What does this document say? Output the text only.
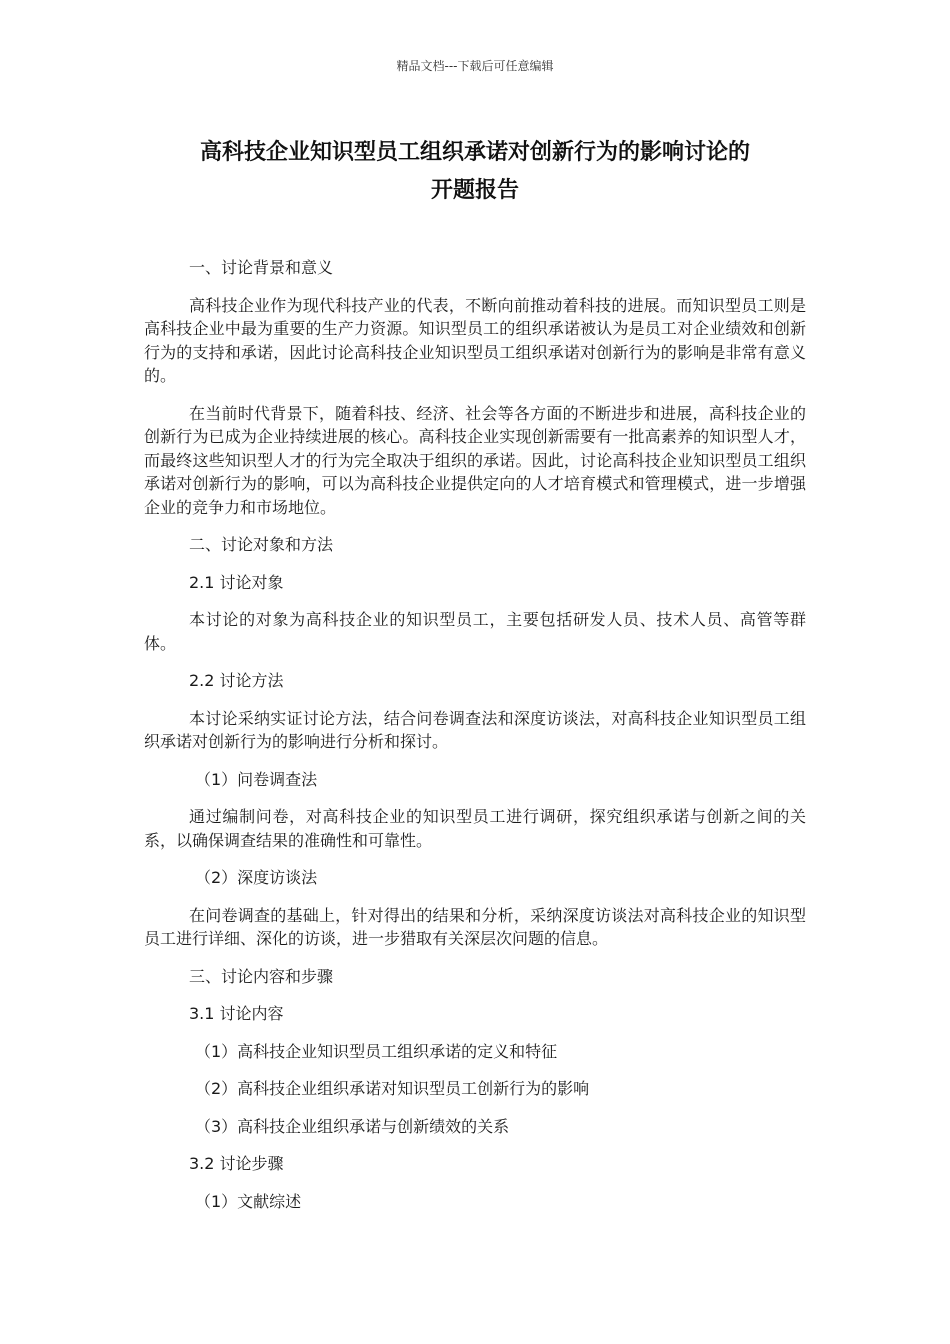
精品文档---下载后可任意编辑
高科技企业知识型员工组织承诺对创新行为的影响讨论的
开题报告

一、讨论背景和意义

高科技企业作为现代科技产业的代表，不断向前推动着科技的进展。而知识型员工则是高科技企业中最为重要的生产力资源。知识型员工的组织承诺被认为是员工对企业绩效和创新行为的支持和承诺，因此讨论高科技企业知识型员工组织承诺对创新行为的影响是非常有意义的。

在当前时代背景下，随着科技、经济、社会等各方面的不断进步和进展，高科技企业的创新行为已成为企业持续进展的核心。高科技企业实现创新需要有一批高素养的知识型人才，而最终这些知识型人才的行为完全取决于组织的承诺。因此，讨论高科技企业知识型员工组织承诺对创新行为的影响，可以为高科技企业提供定向的人才培育模式和管理模式，进一步增强企业的竞争力和市场地位。

二、讨论对象和方法

2.1 讨论对象

本讨论的对象为高科技企业的知识型员工，主要包括研发人员、技术人员、高管等群体。

2.2 讨论方法

本讨论采纳实证讨论方法，结合问卷调查法和深度访谈法，对高科技企业知识型员工组织承诺对创新行为的影响进行分析和探讨。

（1）问卷调查法

通过编制问卷，对高科技企业的知识型员工进行调研，探究组织承诺与创新之间的关系，以确保调查结果的准确性和可靠性。

（2）深度访谈法

在问卷调查的基础上，针对得出的结果和分析，采纳深度访谈法对高科技企业的知识型员工进行详细、深化的访谈，进一步猎取有关深层次问题的信息。

三、讨论内容和步骤

3.1 讨论内容

（1）高科技企业知识型员工组织承诺的定义和特征

（2）高科技企业组织承诺对知识型员工创新行为的影响

（3）高科技企业组织承诺与创新绩效的关系

3.2 讨论步骤

（1）文献综述
